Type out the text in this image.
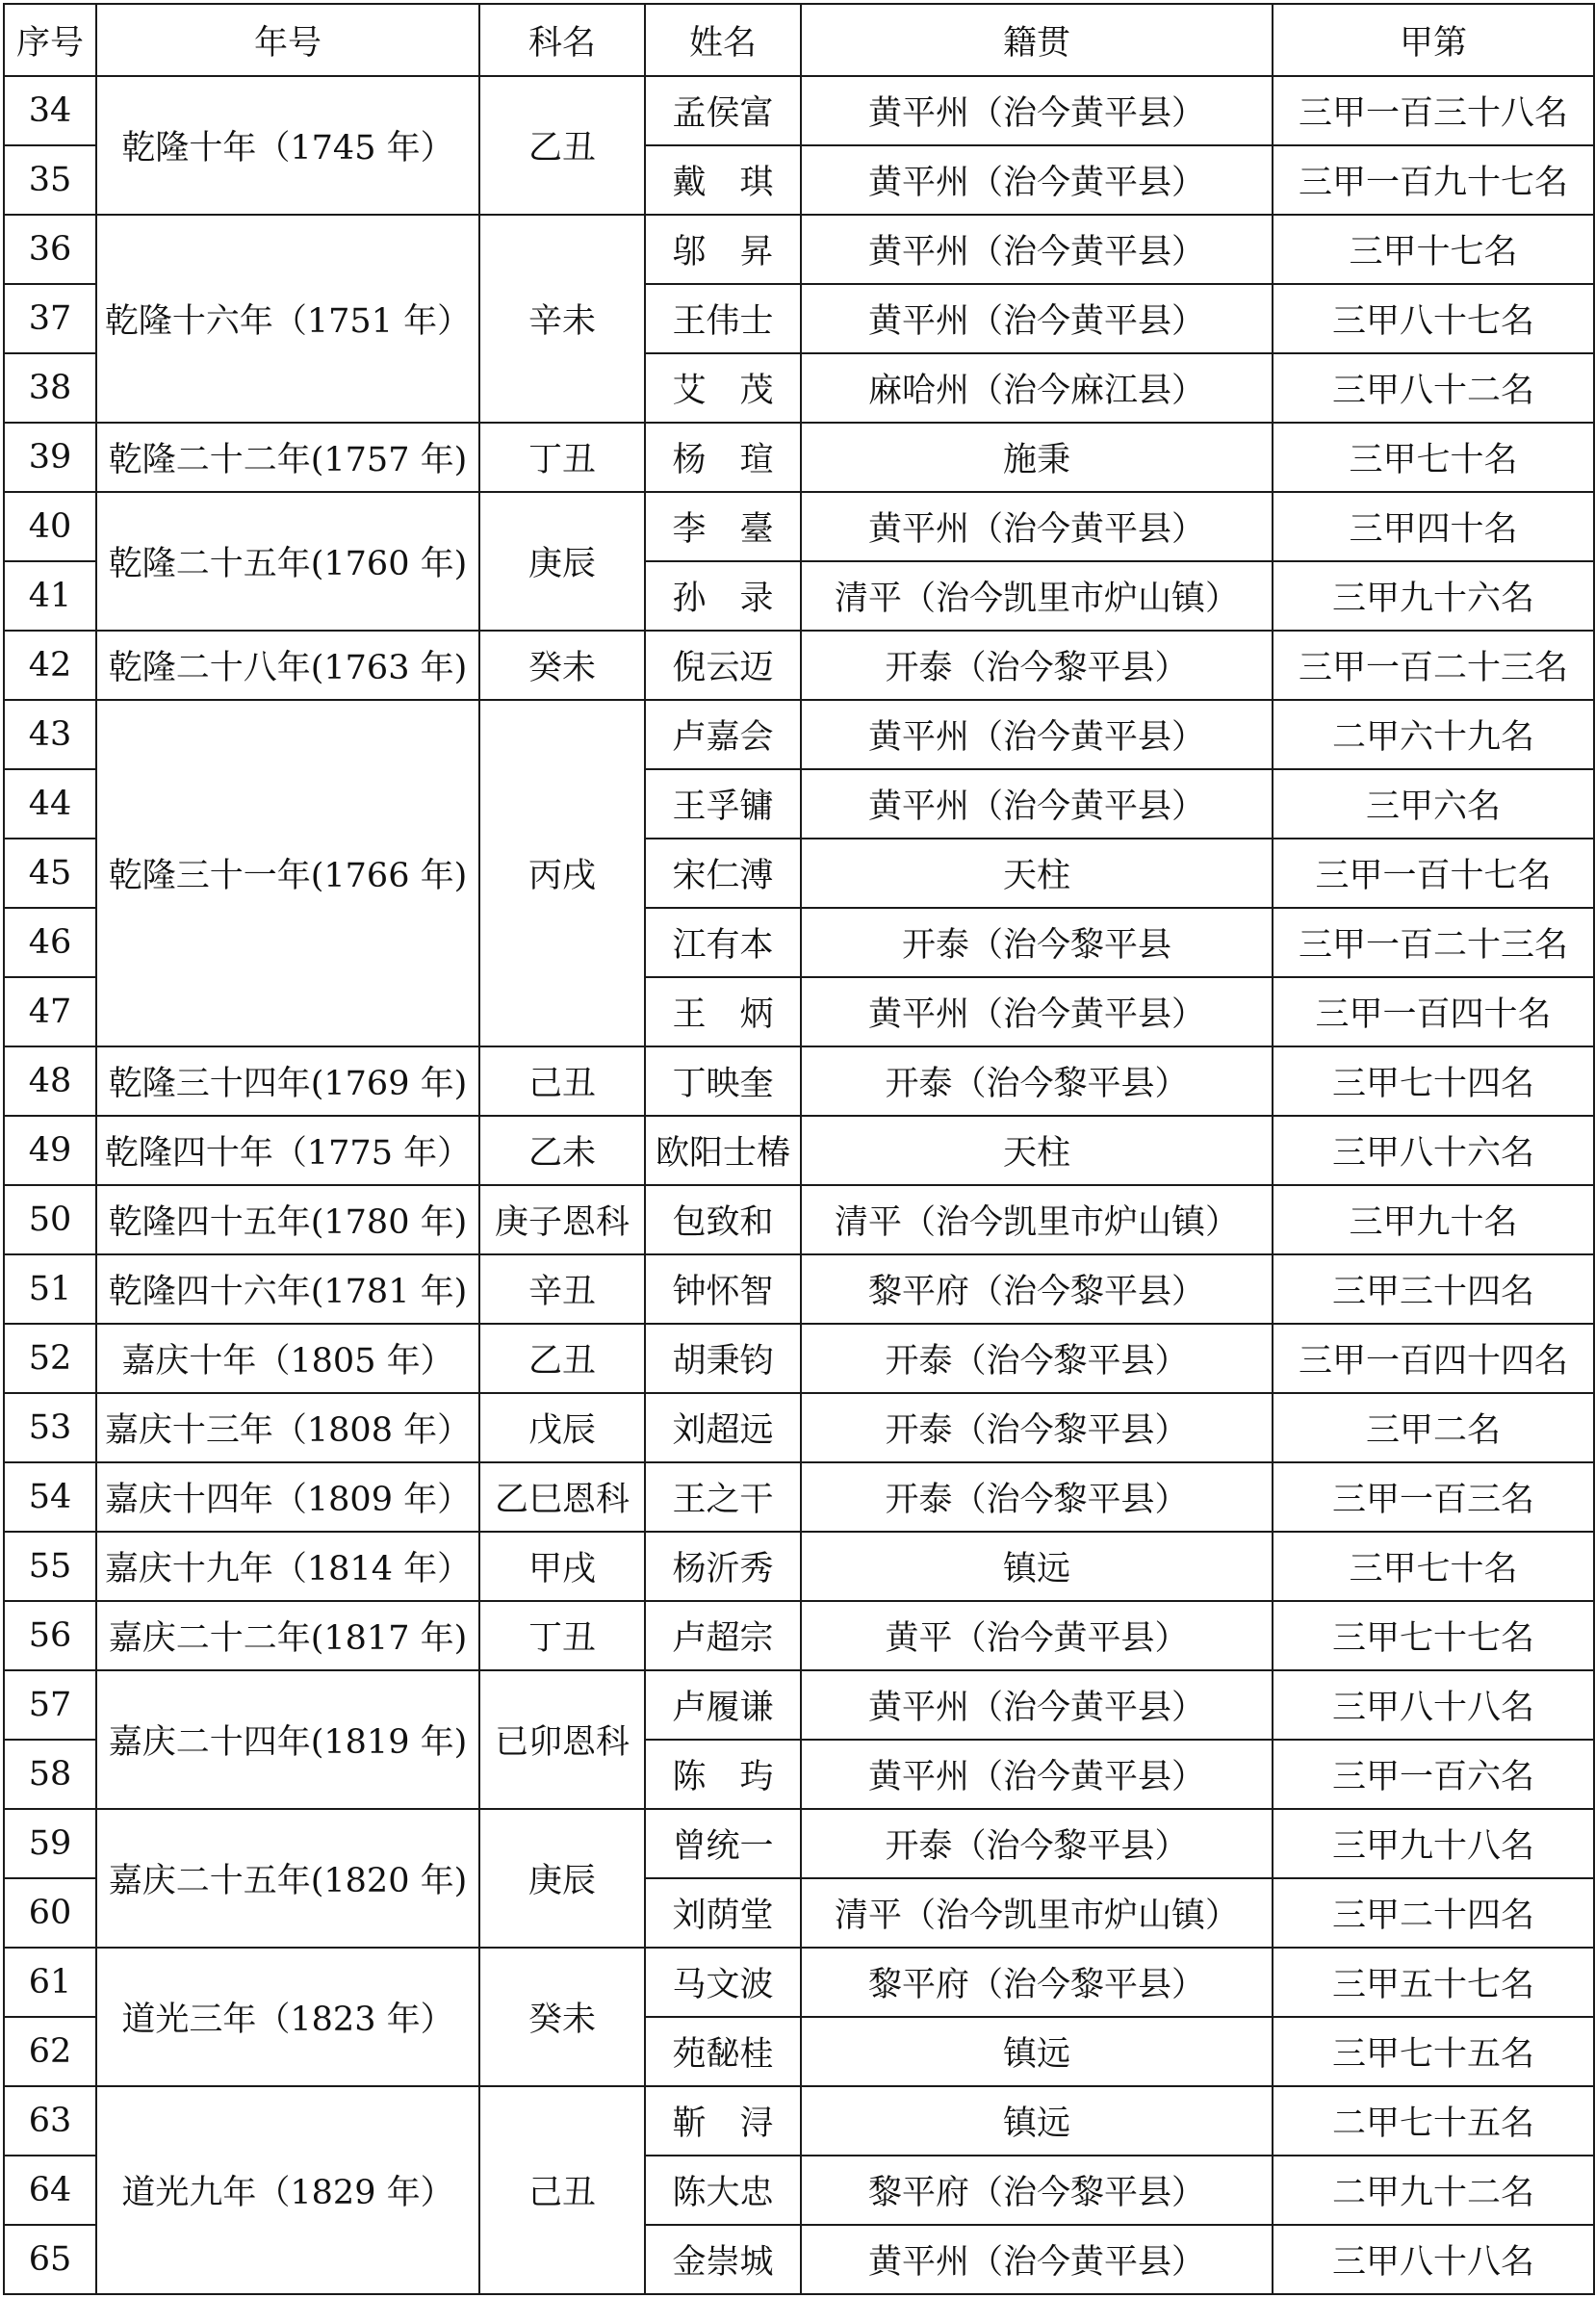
序号	年号	科名	姓名	籍贯	甲第
34	乾隆十年（1745 年）	乙丑	孟侯富	黄平州（治今黄平县）	三甲一百三十八名
35			戴　琪	黄平州（治今黄平县）	三甲一百九十七名
36	乾隆十六年（1751 年）	辛未	邬　昇	黄平州（治今黄平县）	三甲十七名
37			王伟士	黄平州（治今黄平县）	三甲八十七名
38			艾　茂	麻哈州（治今麻江县）	三甲八十二名
39	乾隆二十二年(1757 年)	丁丑	杨　瑄	施秉	三甲七十名
40	乾隆二十五年(1760 年)	庚辰	李　臺	黄平州（治今黄平县）	三甲四十名
41			孙　录	清平（治今凯里市炉山镇）	三甲九十六名
42	乾隆二十八年(1763 年)	癸未	倪云迈	开泰（治今黎平县）	三甲一百二十三名
43	乾隆三十一年(1766 年)	丙戌	卢嘉会	黄平州（治今黄平县）	二甲六十九名
44			王孚镛	黄平州（治今黄平县）	三甲六名
45			宋仁溥	天柱	三甲一百十七名
46			江有本	开泰（治今黎平县	三甲一百二十三名
47			王　炳	黄平州（治今黄平县）	三甲一百四十名
48	乾隆三十四年(1769 年)	己丑	丁映奎	开泰（治今黎平县）	三甲七十四名
49	乾隆四十年（1775 年）	乙未	欧阳士椿	天柱	三甲八十六名
50	乾隆四十五年(1780 年)	庚子恩科	包致和	清平（治今凯里市炉山镇）	三甲九十名
51	乾隆四十六年(1781 年)	辛丑	钟怀智	黎平府（治今黎平县）	三甲三十四名
52	嘉庆十年（1805 年）	乙丑	胡秉钧	开泰（治今黎平县）	三甲一百四十四名
53	嘉庆十三年（1808 年）	戊辰	刘超远	开泰（治今黎平县）	三甲二名
54	嘉庆十四年（1809 年）	乙巳恩科	王之干	开泰（治今黎平县）	三甲一百三名
55	嘉庆十九年（1814 年）	甲戌	杨沂秀	镇远	三甲七十名
56	嘉庆二十二年(1817 年)	丁丑	卢超宗	黄平（治今黄平县）	三甲七十七名
57	嘉庆二十四年(1819 年)	已卯恩科	卢履谦	黄平州（治今黄平县）	三甲八十八名
58			陈　玙	黄平州（治今黄平县）	三甲一百六名
59	嘉庆二十五年(1820 年)	庚辰	曾统一	开泰（治今黎平县）	三甲九十八名
60			刘荫堂	清平（治今凯里市炉山镇）	三甲二十四名
61	道光三年（1823 年）	癸未	马文波	黎平府（治今黎平县）	三甲五十七名
62			苑馝桂	镇远	三甲七十五名
63	道光九年（1829 年）	己丑	靳　浔	镇远	二甲七十五名
64			陈大忠	黎平府（治今黎平县）	二甲九十二名
65			金崇城	黄平州（治今黄平县）	三甲八十八名
